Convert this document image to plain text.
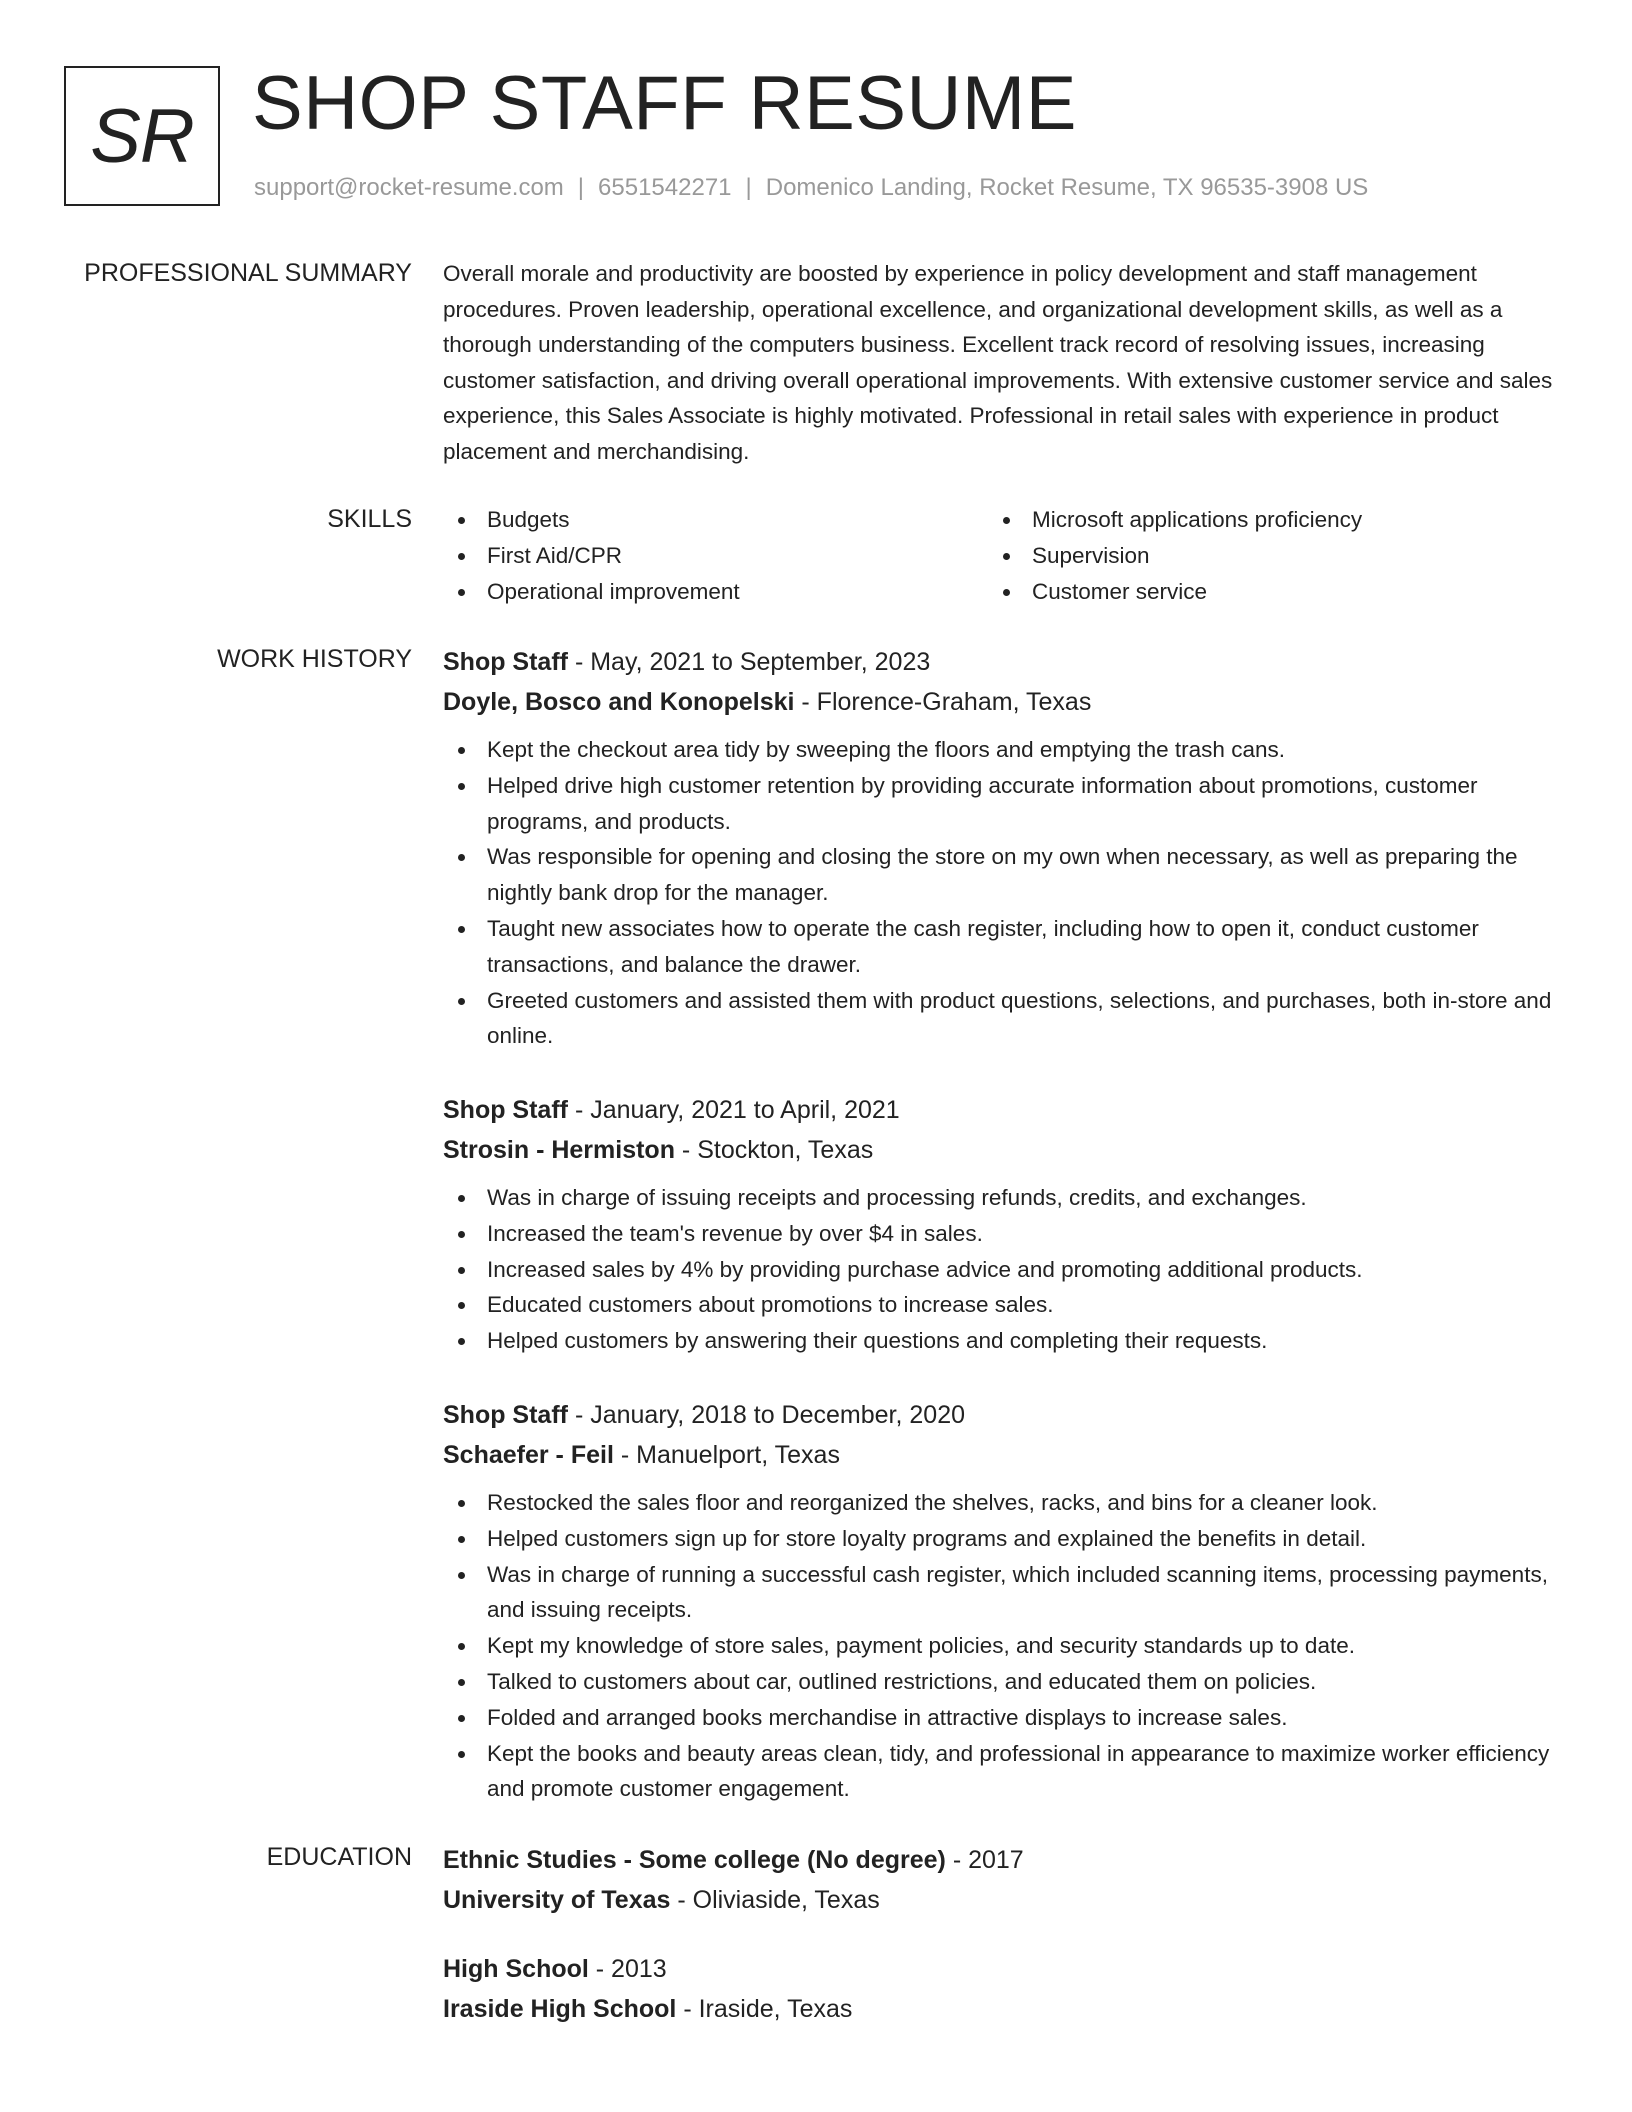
SR SHOP STAFF RESUME
support@rocket-resume.com | 6551542271 | Domenico Landing, Rocket Resume, TX 96535-3908 US
PROFESSIONAL SUMMARY Overall morale and productivity are boosted by experience in policy development and staff management procedures. Proven leadership, operational excellence, and organizational development skills, as well as a thorough understanding of the computers business. Excellent track record of resolving issues, increasing customer satisfaction, and driving overall operational improvements. With extensive customer service and sales experience, this Sales Associate is highly motivated. Professional in retail sales with experience in product placement and merchandising.

SKILLS	Budgets	Microsoft applications proficiency
First Aid/CPR	Supervision
Operational improvement	Customer service
WORK HISTORY Shop Staff - May, 2021 to September, 2023

Doyle, Bosco and Konopelski - Florence-Graham, Texas

Kept the checkout area tidy by sweeping the floors and emptying the trash cans.
Helped drive high customer retention by providing accurate information about promotions, customer programs, and products.
Was responsible for opening and closing the store on my own when necessary, as well as preparing the nightly bank drop for the manager.
Taught new associates how to operate the cash register, including how to open it, conduct customer transactions, and balance the drawer.
Greeted customers and assisted them with product questions, selections, and purchases, both in-store and online.

Shop Staff - January, 2021 to April, 2021

Strosin - Hermiston - Stockton, Texas

Was in charge of issuing receipts and processing refunds, credits, and exchanges.
Increased the team's revenue by over $4 in sales.
Increased sales by 4% by providing purchase advice and promoting additional products.
Educated customers about promotions to increase sales.
Helped customers by answering their questions and completing their requests.

Shop Staff - January, 2018 to December, 2020

Schaefer - Feil - Manuelport, Texas

Restocked the sales floor and reorganized the shelves, racks, and bins for a cleaner look.
Helped customers sign up for store loyalty programs and explained the benefits in detail.
Was in charge of running a successful cash register, which included scanning items, processing payments, and issuing receipts.
Kept my knowledge of store sales, payment policies, and security standards up to date.
Talked to customers about car, outlined restrictions, and educated them on policies.
Folded and arranged books merchandise in attractive displays to increase sales.
Kept the books and beauty areas clean, tidy, and professional in appearance to maximize worker efficiency and promote customer engagement.
EDUCATION Ethnic Studies - Some college (No degree) - 2017

University of Texas - Oliviaside, Texas

High School - 2013

Iraside High School - Iraside, Texas
